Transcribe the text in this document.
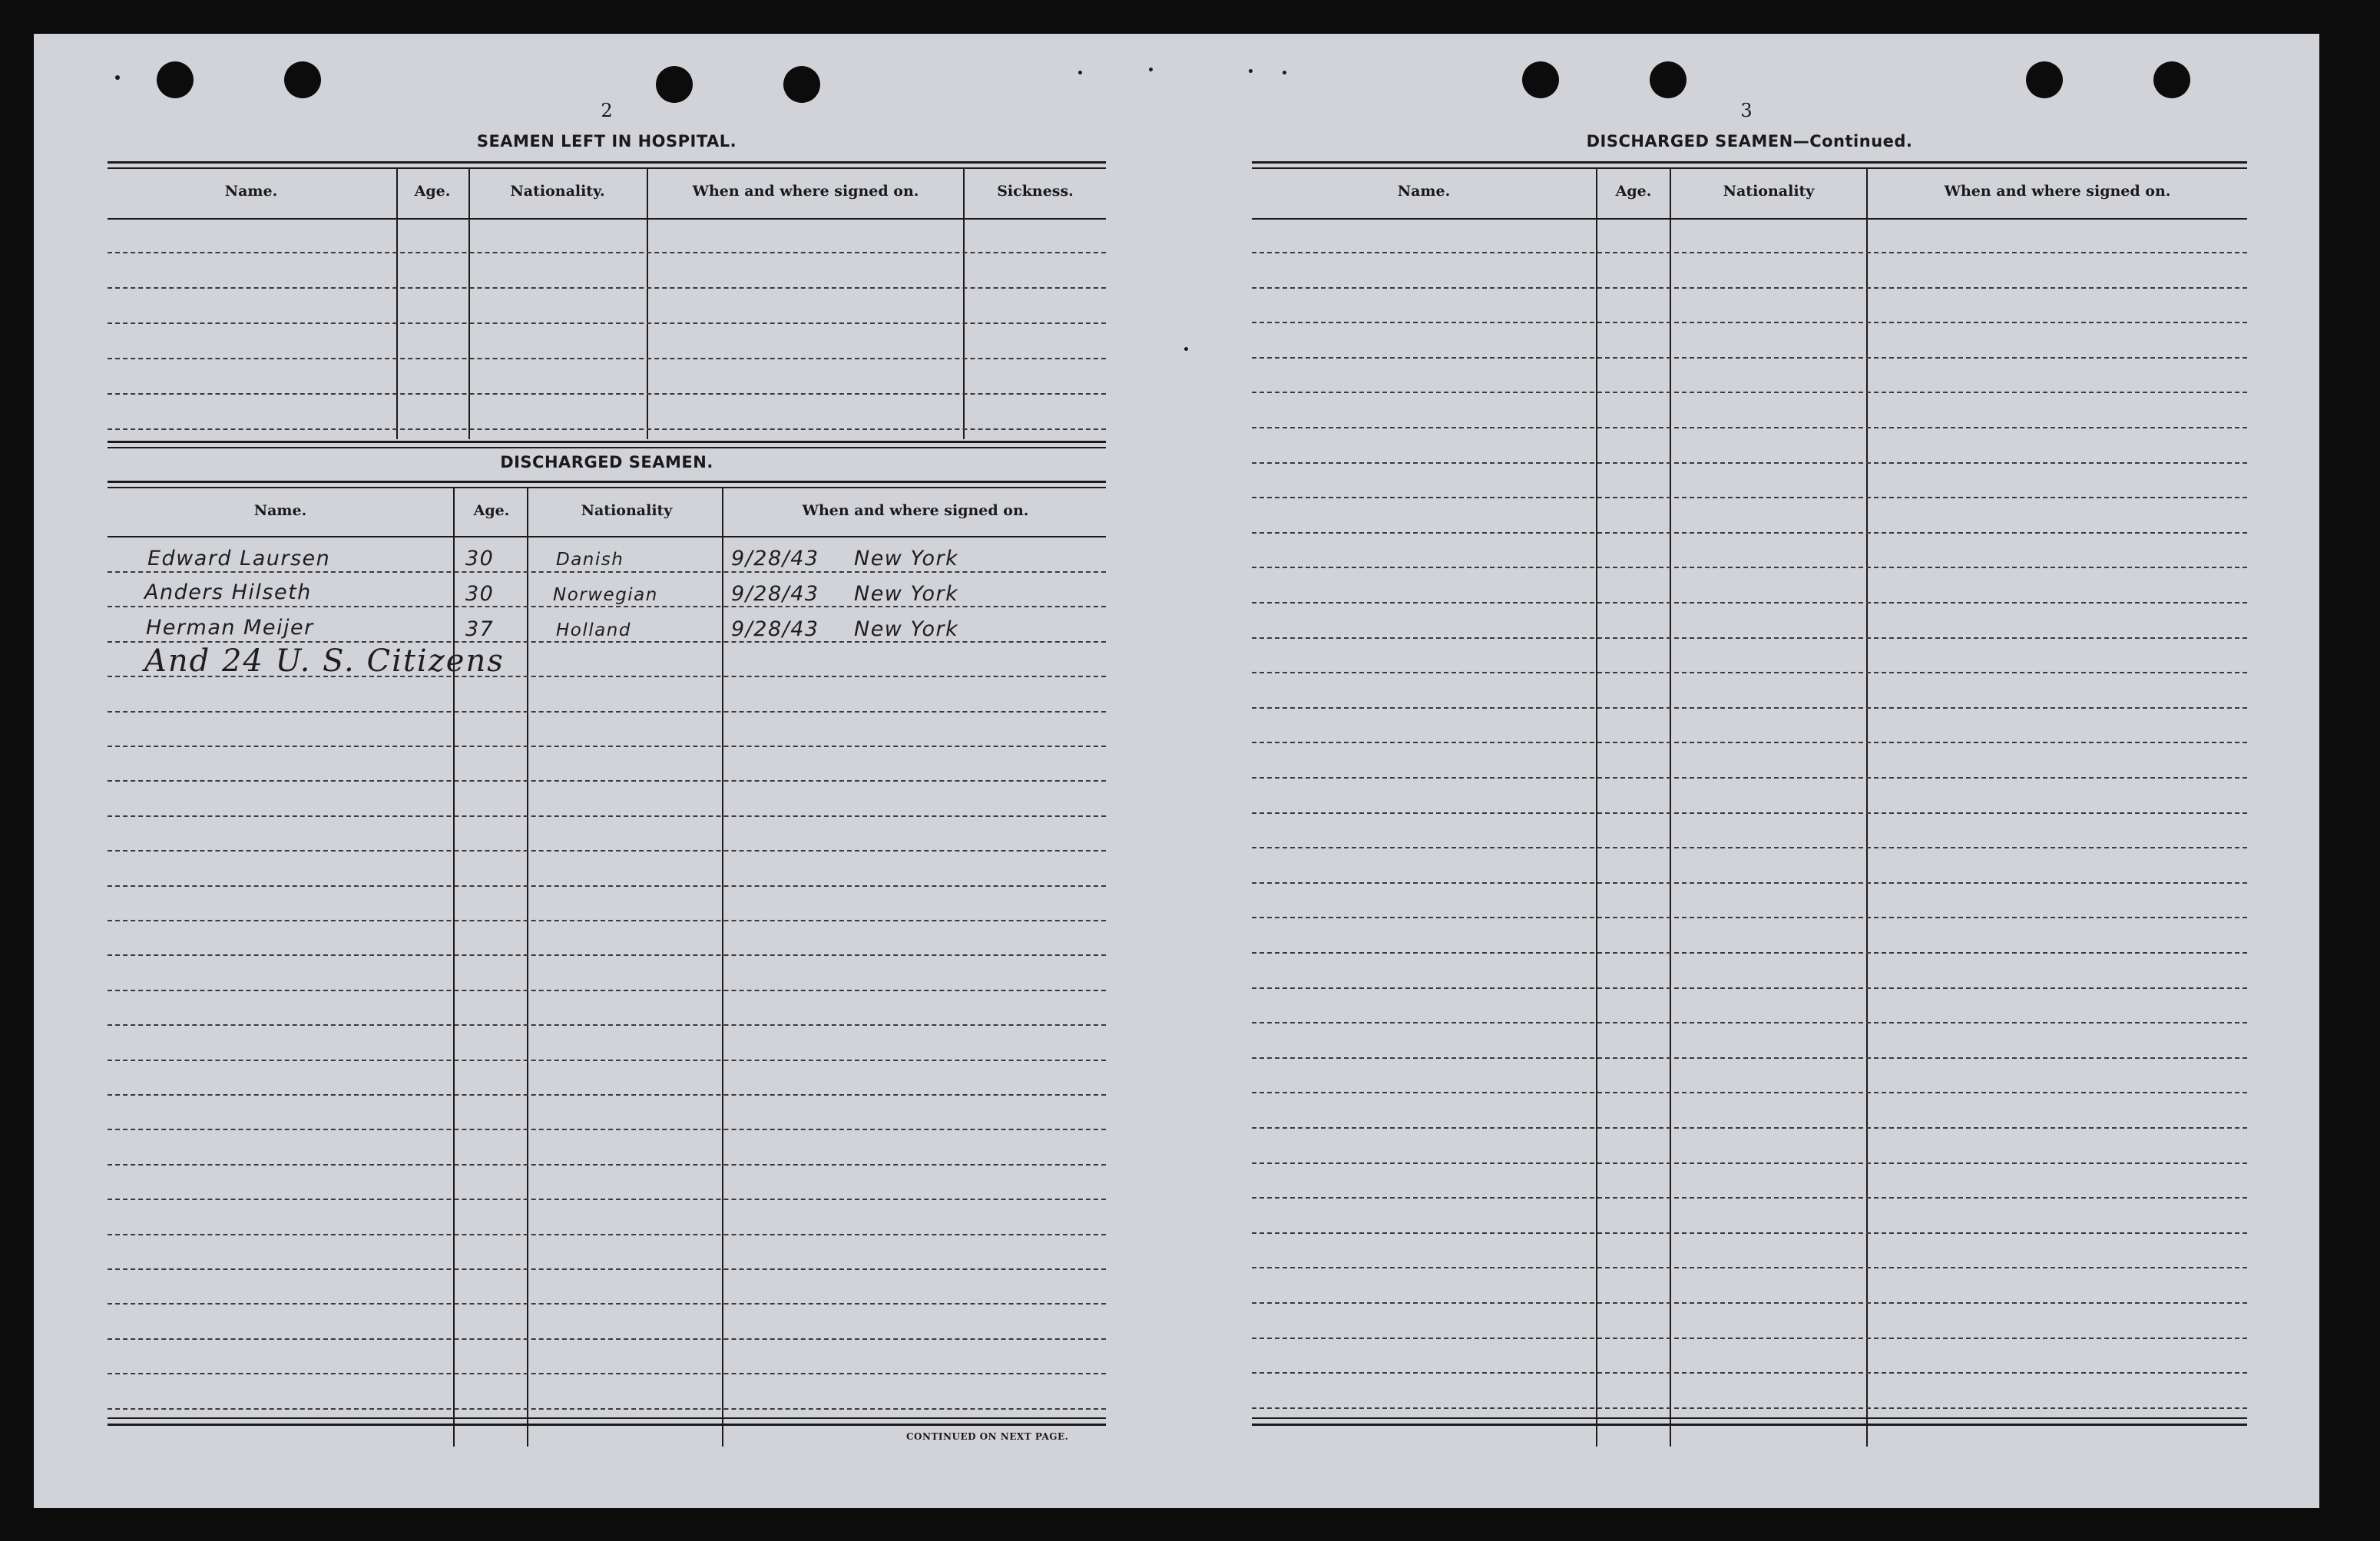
2
SEAMEN LEFT IN HOSPITAL.
Name.	Age.	Nationality.	When and where signed on.	Sickness.
DISCHARGED SEAMEN.
Name.	Age.	Nationality	When and where signed on.
Edward Laursen	30	Danish	9/28/43 New York
Anders Hilseth	30	Norwegian	9/28/43 New York
Herman Meijer	37	Holland	9/28/43 New York
And 24 U. S. Citizens
CONTINUED ON NEXT PAGE.
3
DISCHARGED SEAMEN—Continued.
Name.	Age.	Nationality	When and where signed on.
